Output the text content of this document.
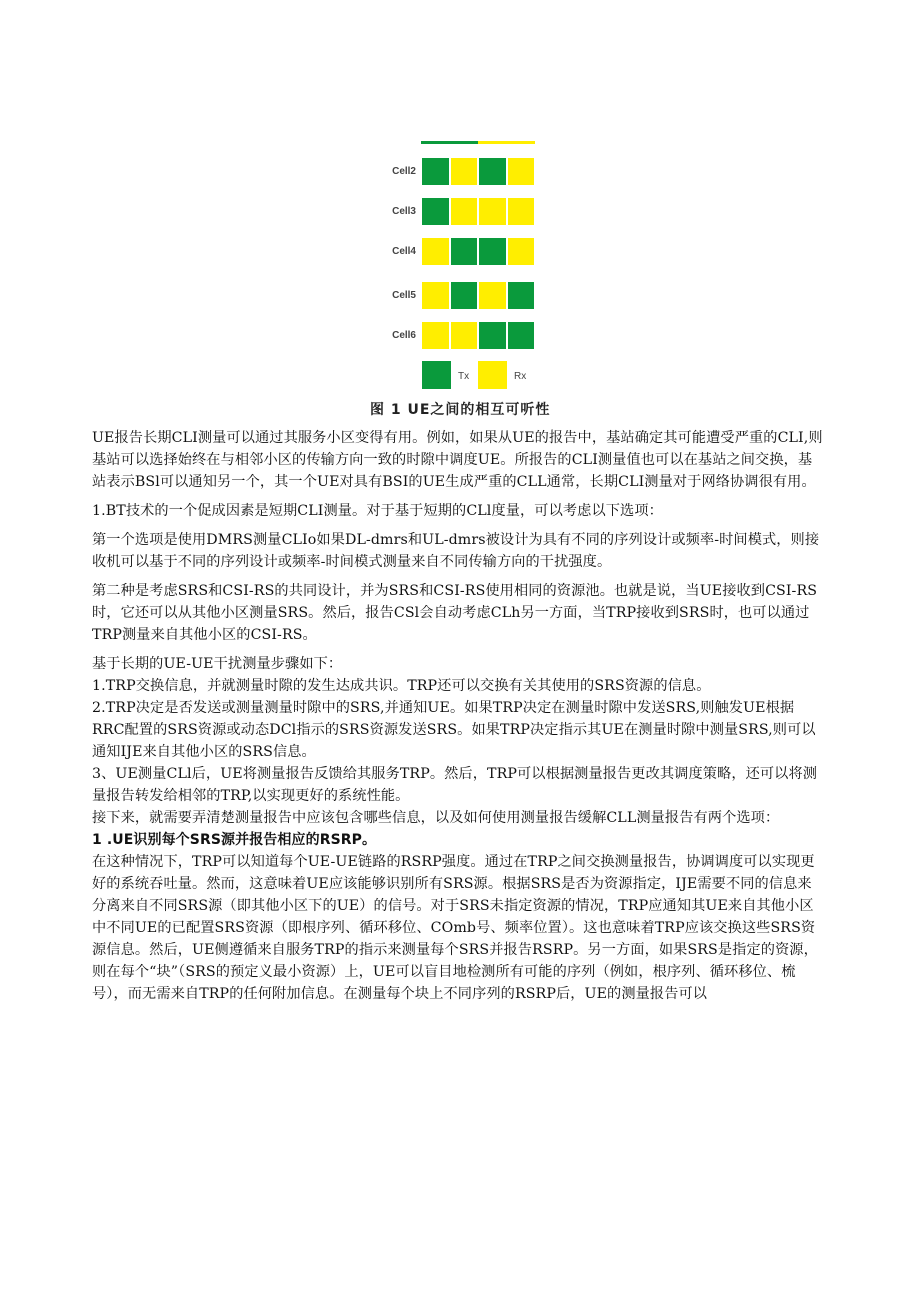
Cell2
Cell3
Cell4
Cell5
Cell6
Tx	Rx
图 1 UE之间的相互可听性

UE报告长期CLI测量可以通过其服务小区变得有用。例如，如果从UE的报告中，基站确定其可能遭受严重的CLI,则基站可以选择始终在与相邻小区的传输方向一致的时隙中调度UE。所报告的CLI测量值也可以在基站之间交换，基站表示BSl可以通知另一个，其一个UE对具有BSI的UE生成严重的CLL通常，长期CLI测量对于网络协调很有用。

1.BT技术的一个促成因素是短期CLI测量。对于基于短期的CLl度量，可以考虑以下选项：

第一个选项是使用DMRS测量CLIo如果DL-dmrs和UL-dmrs被设计为具有不同的序列设计或频率-时间模式，则接收机可以基于不同的序列设计或频率-时间模式测量来自不同传输方向的干扰强度。

第二种是考虑SRS和CSI-RS的共同设计，并为SRS和CSI-RS使用相同的资源池。也就是说，当UE接收到CSI-RS时，它还可以从其他小区测量SRS。然后，报告CSl会自动考虑CLh另一方面，当TRP接收到SRS时，也可以通过TRP测量来自其他小区的CSI-RS。

基于长期的UE-UE干扰测量步骤如下：

1.TRP交换信息，并就测量时隙的发生达成共识。TRP还可以交换有关其使用的SRS资源的信息。

2.TRP决定是否发送或测量测量时隙中的SRS,并通知UE。如果TRP决定在测量时隙中发送SRS,则触发UE根据RRC配置的SRS资源或动态DCl指示的SRS资源发送SRS。如果TRP决定指示其UE在测量时隙中测量SRS,则可以通知IJE来自其他小区的SRS信息。

3、UE测量CLl后，UE将测量报告反馈给其服务TRP。然后，TRP可以根据测量报告更改其调度策略，还可以将测量报告转发给相邻的TRP,以实现更好的系统性能。

接下来，就需要弄清楚测量报告中应该包含哪些信息，以及如何使用测量报告缓解CLL测量报告有两个选项：

1 .UE识别每个SRS源并报告相应的RSRP。

在这种情况下，TRP可以知道每个UE-UE链路的RSRP强度。通过在TRP之间交换测量报告，协调调度可以实现更好的系统吞吐量。然而，这意味着UE应该能够识别所有SRS源。根据SRS是否为资源指定，IJE需要不同的信息来分离来自不同SRS源（即其他小区下的UE）的信号。对于SRS未指定资源的情况，TRP应通知其UE来自其他小区中不同UE的已配置SRS资源（即根序列、循环移位、COmb号、频率位置）。这也意味着TRP应该交换这些SRS资源信息。然后，UE侧遵循来自服务TRP的指示来测量每个SRS并报告RSRP。另一方面，如果SRS是指定的资源，则在每个“块”（SRS的预定义最小资源）上，UE可以盲目地检测所有可能的序列（例如，根序列、循环移位、梳号），而无需来自TRP的任何附加信息。在测量每个块上不同序列的RSRP后，UE的测量报告可以
